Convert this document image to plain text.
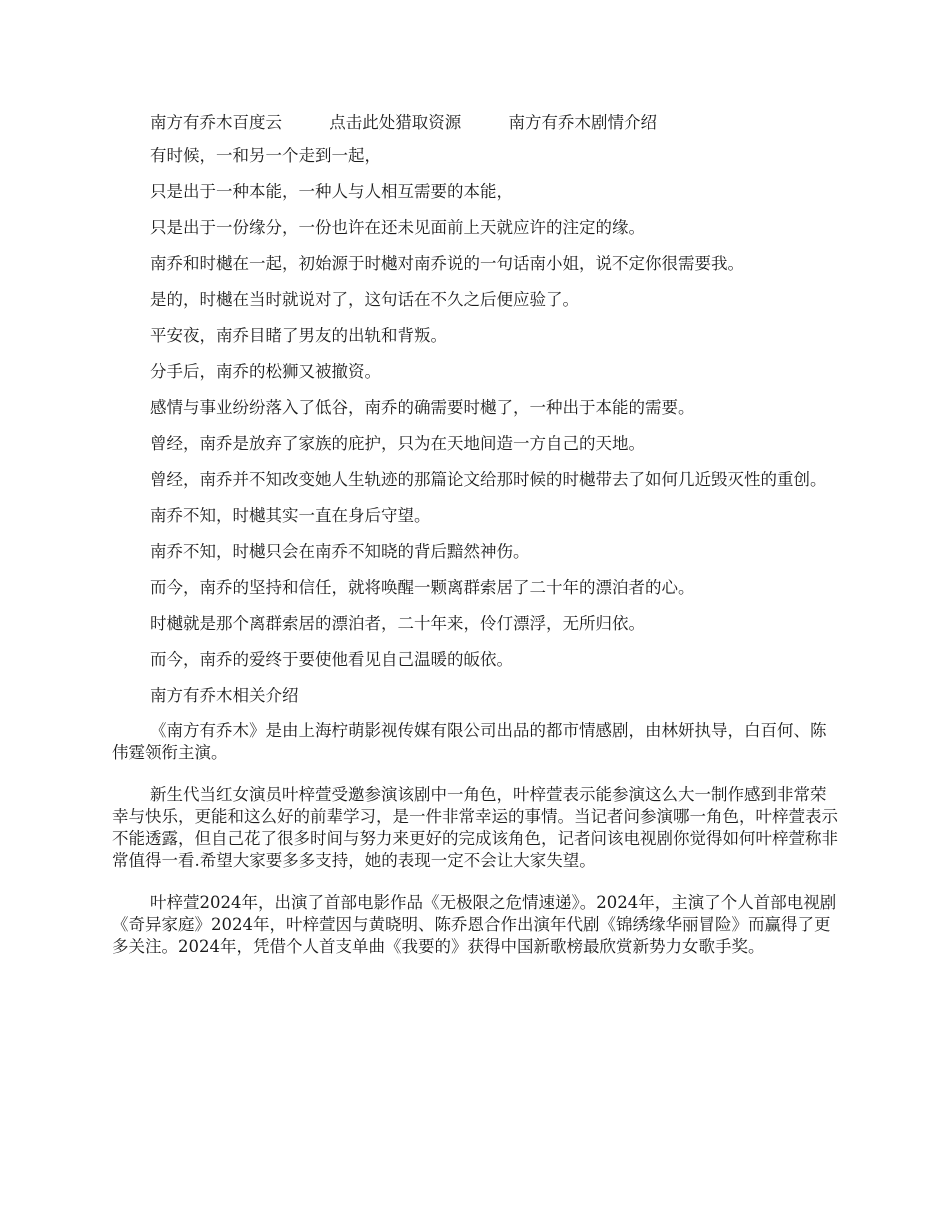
南方有乔木百度云	点击此处猎取资源	南方有乔木剧情介绍

有时候，一和另一个走到一起，

只是出于一种本能，一种人与人相互需要的本能，

只是出于一份缘分，一份也许在还未见面前上天就应许的注定的缘。

南乔和时樾在一起，初始源于时樾对南乔说的一句话南小姐，说不定你很需要我。

是的，时樾在当时就说对了，这句话在不久之后便应验了。

平安夜，南乔目睹了男友的出轨和背叛。

分手后，南乔的松狮又被撤资。

感情与事业纷纷落入了低谷，南乔的确需要时樾了，一种出于本能的需要。

曾经，南乔是放弃了家族的庇护，只为在天地间造一方自己的天地。

曾经，南乔并不知改变她人生轨迹的那篇论文给那时候的时樾带去了如何几近毁灭性的重创。

南乔不知，时樾其实一直在身后守望。

南乔不知，时樾只会在南乔不知晓的背后黯然神伤。

而今，南乔的坚持和信任，就将唤醒一颗离群索居了二十年的漂泊者的心。

时樾就是那个离群索居的漂泊者，二十年来，伶仃漂浮，无所归依。

而今，南乔的爱终于要使他看见自己温暖的皈依。

南方有乔木相关介绍

《南方有乔木》是由上海柠萌影视传媒有限公司出品的都市情感剧，由林妍执导，白百何、陈伟霆领衔主演。

新生代当红女演员叶梓萱受邀参演该剧中一角色，叶梓萱表示能参演这么大一制作感到非常荣幸与快乐，更能和这么好的前辈学习，是一件非常幸运的事情。当记者问参演哪一角色，叶梓萱表示不能透露，但自己花了很多时间与努力来更好的完成该角色，记者问该电视剧你觉得如何叶梓萱称非常值得一看.希望大家要多多支持，她的表现一定不会让大家失望。

叶梓萱2024年，出演了首部电影作品《无极限之危情速递》。2024年，主演了个人首部电视剧《奇异家庭》2024年，叶梓萱因与黄晓明、陈乔恩合作出演年代剧《锦绣缘华丽冒险》而赢得了更多关注。2024年，凭借个人首支单曲《我要的》获得中国新歌榜最欣赏新势力女歌手奖。
